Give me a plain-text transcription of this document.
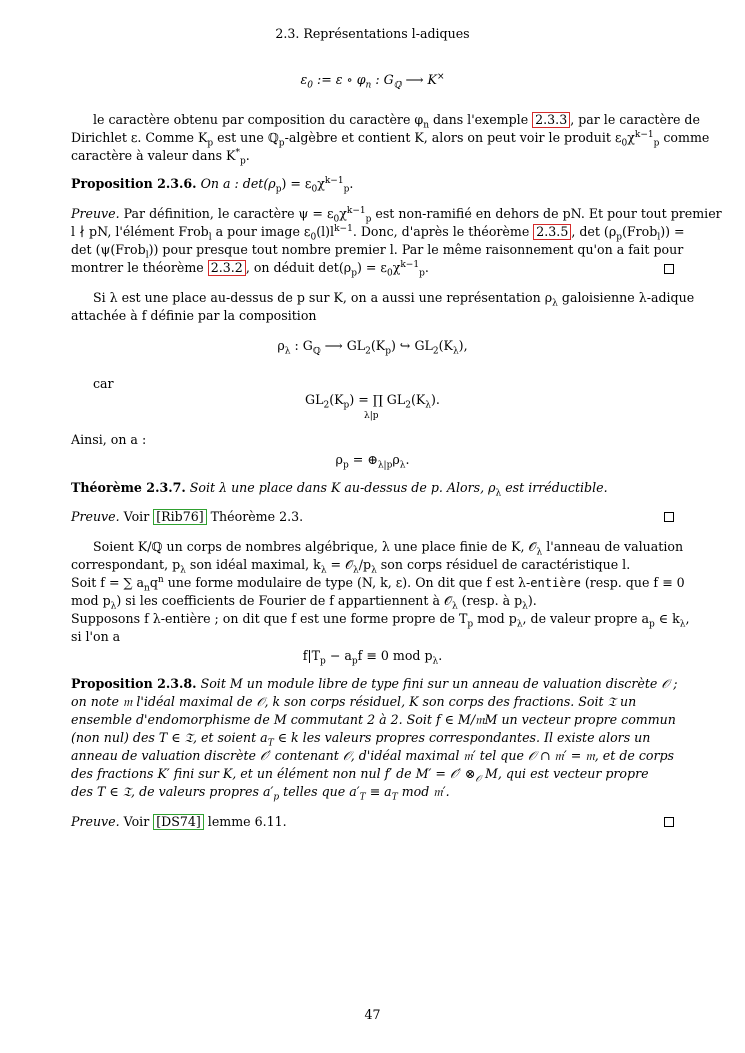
2.3. Représentations l-adiques
$\varepsilon_0$ := ε ∘ $\varphi_n$ : $G_ℚ$ ⟶ K×
le caractère obtenu par composition du caractère $\varphi_n$ dans l'exemple 2.3.3 , par le caractère de
Dirichlet ε. Comme $K_p$ est une ℚ$_p$-algèbre et contient K, alors on peut voir le produit $\varepsilon_0\chi^{k-1}_p$ comme
caractère à valeur dans $K^*_p$.
Proposition 2.3.6. On a : $\det(\rho_p) = \varepsilon_0\chi^{k-1}_p$.
Preuve. Par définition, le caractère $\psi = \varepsilon_0\chi^{k-1}_p$ est non-ramifié en dehors de pN. Et pour tout premier
l ∤ pN, l'élément Frob$_l$ a pour image $\varepsilon_0(l)l^{k-1}$. Donc, d'après le théorème 2.3.5 , $\det (\rho_p(Frob_l))$ =
det (ψ(Frob$_l$)) pour presque tout nombre premier l. Par le même raisonnement qu'on a fait pour
montrer le théorème 2.3.2 , on déduit $\det(\rho_p) = \varepsilon_0\chi^{k-1}_p$.
Si λ est une place au-dessus de p sur K, on a aussi une représentation $\rho_\lambda$ galoisienne λ-adique
attachée à f définie par la composition
$\rho_\lambda$ : $G_ℚ$ ⟶ $GL_2(K_p)$ ↪ $GL_2(K_\lambda)$,
car
$GL_2(K_p)$ = ∏ $GL_2(K_\lambda)$.
λ|p
Ainsi, on a :
$\rho_p$ = $\oplus_{\lambda|p}\rho_\lambda$.
Théorème 2.3.7. Soit λ une place dans K au-dessus de p. Alors, $\rho_\lambda$ est irréductible.
Preuve. Voir [Rib76] Théorème 2.3.
Soient K/ℚ un corps de nombres algébrique, λ une place finie de K, 𝒪$_\lambda$ l'anneau de valuation
correspondant, $p_\lambda$ son idéal maximal, $k_\lambda$ = $𝒪_\lambda/p_\lambda$ son corps résiduel de caractéristique l.
Soit f = ∑ $a_nq^n$ une forme modulaire de type (N, k, ε). On dit que f est λ-entière (resp. que f ≡ 0
mod $p_\lambda$) si les coefficients de Fourier de f appartiennent à 𝒪$_\lambda$ (resp. à $p_\lambda$).
Supposons f λ-entière ; on dit que f est une forme propre de $T_p$ mod $p_\lambda$, de valeur propre $a_p$ ∈ $k_\lambda$,
si l'on a
$f|T_p - a_pf \equiv 0$ mod $p_\lambda$.
Proposition 2.3.8. Soit M un module libre de type fini sur un anneau de valuation discrète 𝒪 ;
on note 𝔪 l'idéal maximal de 𝒪, k son corps résiduel, K son corps des fractions. Soit 𝔗 un
ensemble d'endomorphisme de M commutant 2 à 2. Soit f ∈ M/𝔪M un vecteur propre commun
(non nul) des T ∈ 𝔗, et soient $a_T$ ∈ k les valeurs propres correspondantes. Il existe alors un
anneau de valuation discrète 𝒪′ contenant 𝒪, d'idéal maximal 𝔪′ tel que 𝒪 ∩ 𝔪′ = 𝔪, et de corps
des fractions K′ fini sur K, et un élément non nul f′ de M′ = 𝒪′ $\otimes_𝒪$ M, qui est vecteur propre
des T ∈ 𝔗, de valeurs propres $a'_p$ telles que $a'_T \equiv a_T$ mod 𝔪′.
Preuve. Voir [DS74] lemme 6.11.
47
